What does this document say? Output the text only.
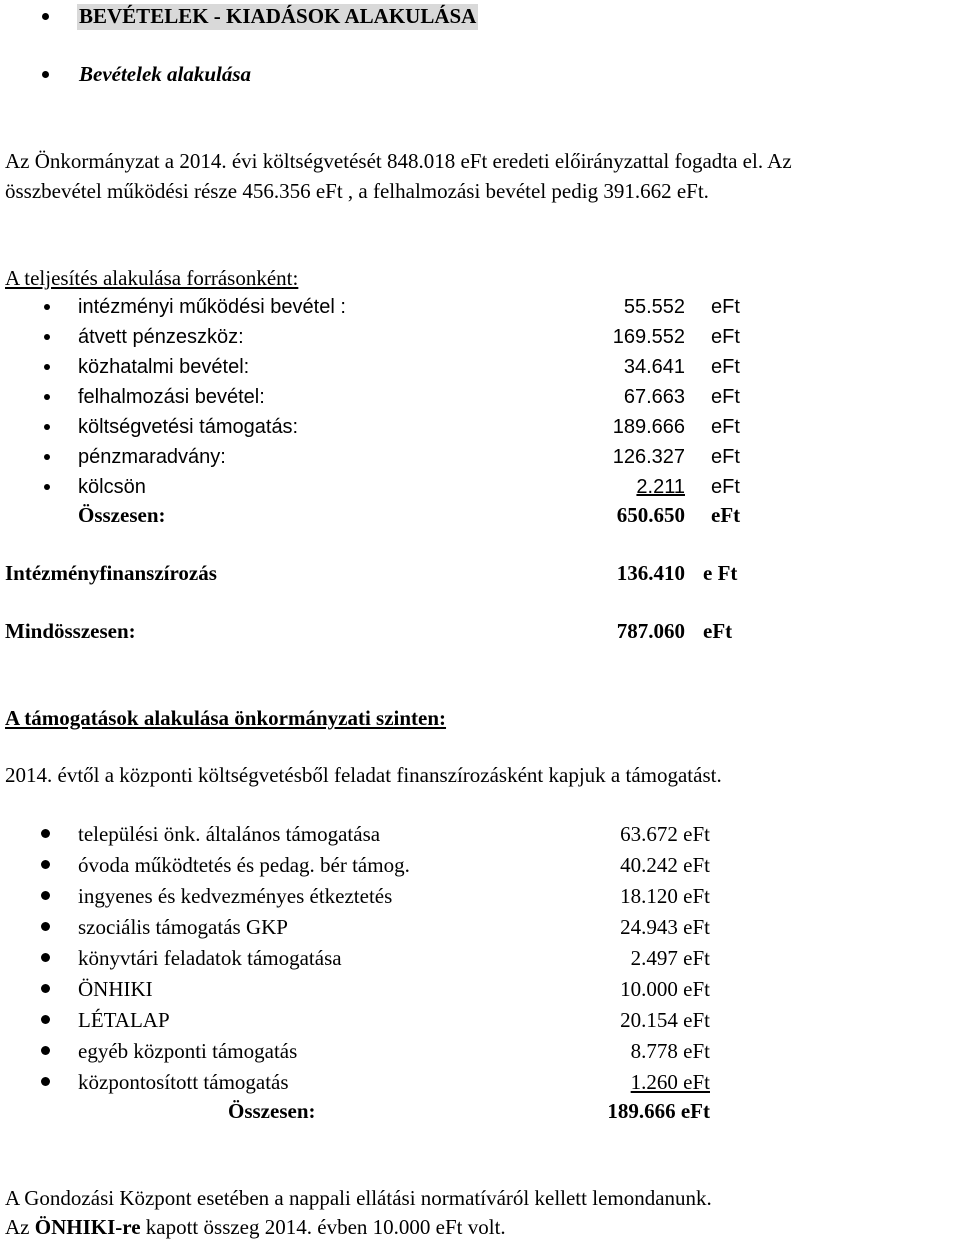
BEVÉTELEK - KIADÁSOK ALAKULÁSA
Bevételek alakulása
Az Önkormányzat a 2014. évi költségvetését 848.018 eFt eredeti előirányzattal fogadta el. Az
összbevétel működési része 456.356 eFt , a felhalmozási bevétel pedig 391.662 eFt.
A teljesítés alakulása forrásonként:
intézményi működési bevétel :	55.552 eFt
átvett pénzeszköz:	169.552 eFt
közhatalmi bevétel:	34.641 eFt
felhalmozási bevétel:	67.663 eFt
költségvetési támogatás:	189.666 eFt
pénzmaradvány:	126.327 eFt
kölcsön	2.211 eFt
Összesen:	650.650 eFt
Intézményfinanszírozás	136.410 e Ft
Mindösszesen:	787.060 eFt
A támogatások alakulása önkormányzati szinten:
2014. évtől a központi költségvetésből feladat finanszírozásként kapjuk a támogatást.
települési önk. általános támogatása	63.672 eFt
óvoda működtetés és pedag. bér támog.	40.242 eFt
ingyenes és kedvezményes étkeztetés	18.120 eFt
szociális támogatás GKP	24.943 eFt
könyvtári feladatok támogatása	2.497 eFt
ÖNHIKI	10.000 eFt
LÉTALAP	20.154 eFt
egyéb központi támogatás	8.778 eFt
központosított támogatás	1.260 eFt
Összesen:	189.666 eFt
A Gondozási Központ esetében a nappali ellátási normatíváról kellett lemondanunk.
Az ÖNHIKI-re kapott összeg 2014. évben 10.000 eFt volt.
